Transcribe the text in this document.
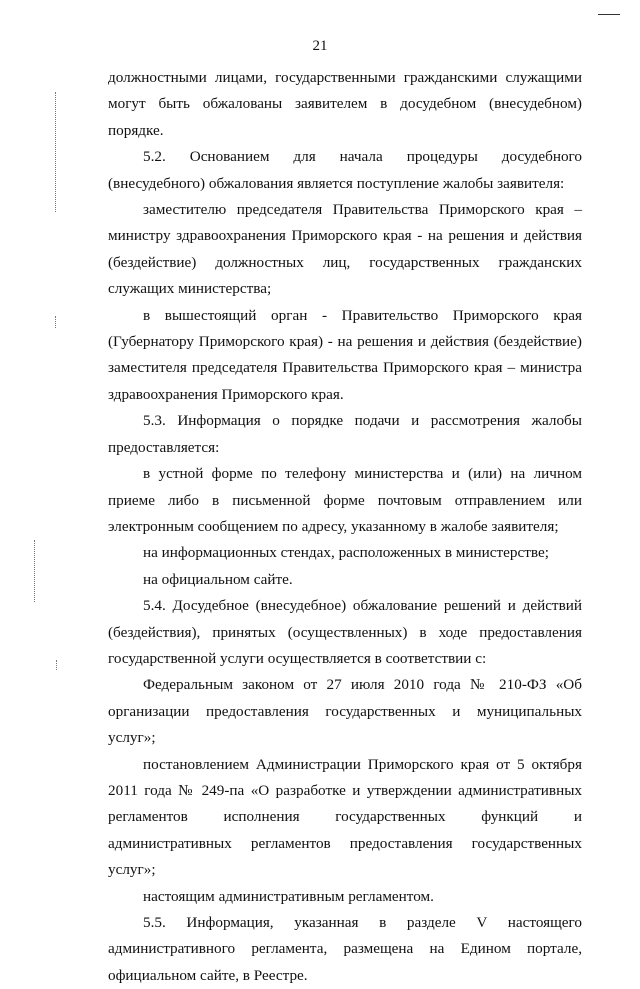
21

должностными лицами, государственными гражданскими служащими могут быть обжалованы заявителем в досудебном (внесудебном) порядке.

5.2. Основанием для начала процедуры досудебного (внесудебного) обжалования является поступление жалобы заявителя:

заместителю председателя Правительства Приморского края – министру здравоохранения Приморского края - на решения и действия (бездействие) должностных лиц, государственных гражданских служащих министерства;

в вышестоящий орган - Правительство Приморского края (Губернатору Приморского края) - на решения и действия (бездействие) заместителя председателя Правительства Приморского края – министра здравоохранения Приморского края.

5.3. Информация о порядке подачи и рассмотрения жалобы предоставляется:

в устной форме по телефону министерства и (или) на личном приеме либо в письменной форме почтовым отправлением или электронным сообщением по адресу, указанному в жалобе заявителя;

на информационных стендах, расположенных в министерстве;

на официальном сайте.

5.4. Досудебное (внесудебное) обжалование решений и действий (бездействия), принятых (осуществленных) в ходе предоставления государственной услуги осуществляется в соответствии с:

Федеральным законом от 27 июля 2010 года № 210-ФЗ «Об организации предоставления государственных и муниципальных услуг»;

постановлением Администрации Приморского края от 5 октября 2011 года № 249-па «О разработке и утверждении административных регламентов исполнения государственных функций и административных регламентов предоставления государственных услуг»;

настоящим административным регламентом.

5.5. Информация, указанная в разделе V настоящего административного регламента, размещена на Едином портале, официальном сайте, в Реестре.
